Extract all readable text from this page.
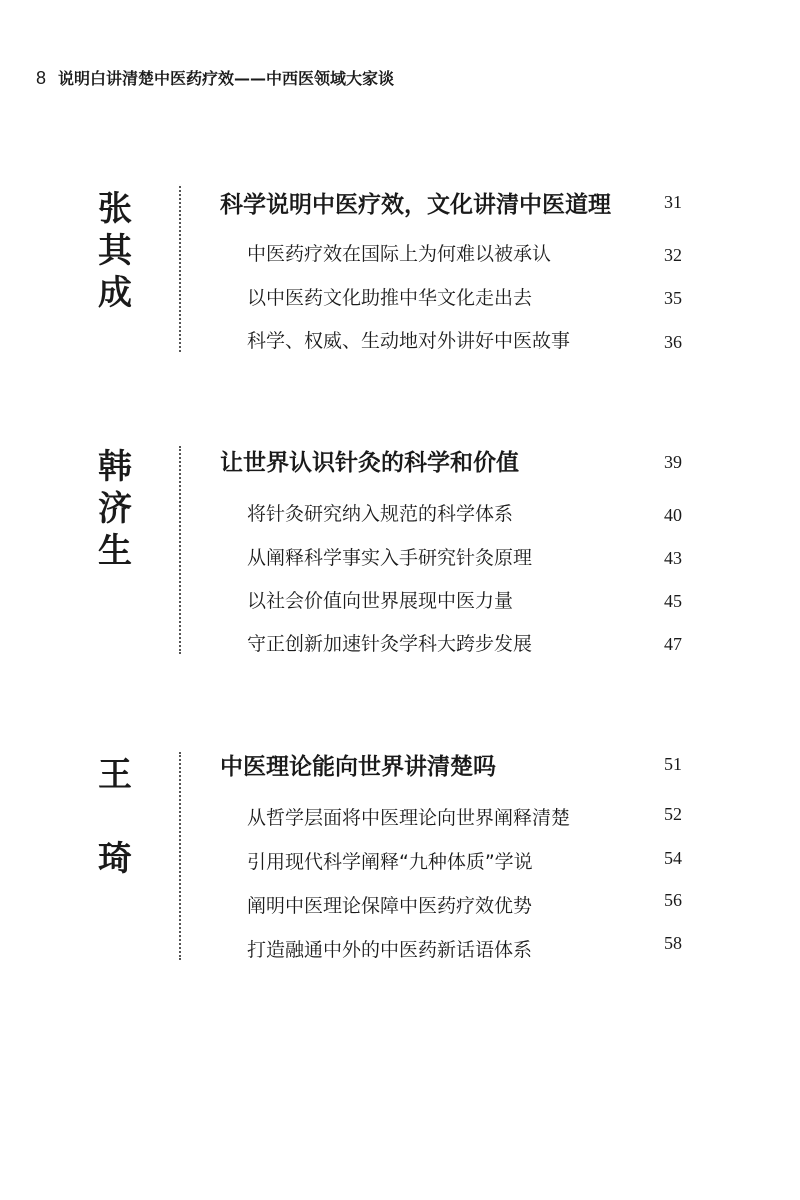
8 说明白讲清楚中医药疗效——中西医领域大家谈
张
其
成
科学说明中医疗效，文化讲清中医道理	31
中医药疗效在国际上为何难以被承认	32
以中医药文化助推中华文化走出去	35
科学、权威、生动地对外讲好中医故事	36
韩
济
生
让世界认识针灸的科学和价值	39
将针灸研究纳入规范的科学体系	40
从阐释科学事实入手研究针灸原理	43
以社会价值向世界展现中医力量	45
守正创新加速针灸学科大跨步发展	47
王
琦
中医理论能向世界讲清楚吗	51
从哲学层面将中医理论向世界阐释清楚	52
引用现代科学阐释“九种体质”学说	54
阐明中医理论保障中医药疗效优势	56
打造融通中外的中医药新话语体系	58
